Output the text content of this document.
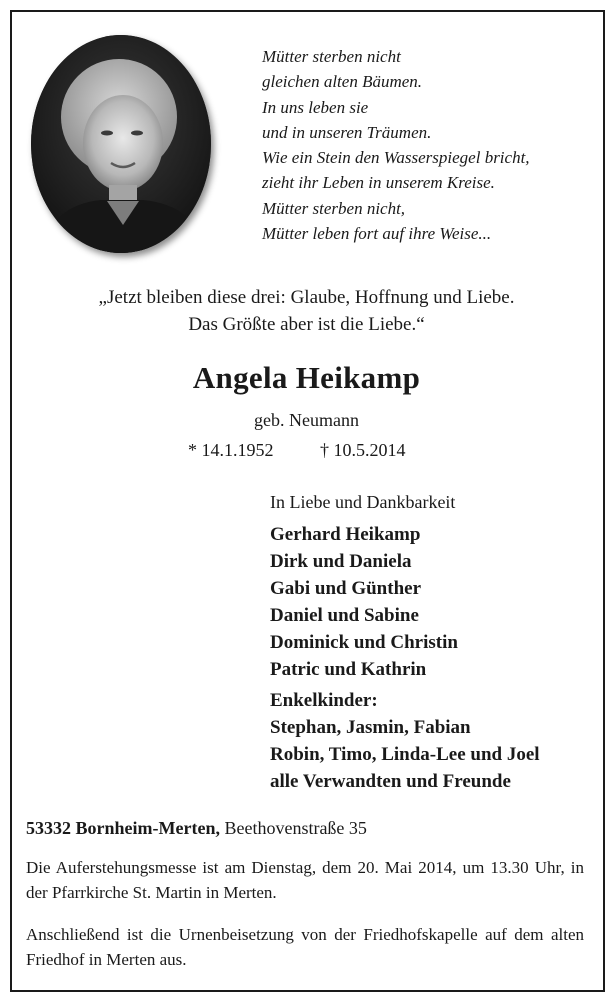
Mütter sterben nicht
gleichen alten Bäumen.
In uns leben sie
und in unseren Träumen.
Wie ein Stein den Wasserspiegel bricht,
zieht ihr Leben in unserem Kreise.
Mütter sterben nicht,
Mütter leben fort auf ihre Weise...
„Jetzt bleiben diese drei: Glaube, Hoffnung und Liebe.
Das Größte aber ist die Liebe.“
Angela Heikamp
geb. Neumann
* 14.1.1952	† 10.5.2014
In Liebe und Dankbarkeit
Gerhard Heikamp
Dirk und Daniela
Gabi und Günther
Daniel und Sabine
Dominick und Christin
Patric und Kathrin
Enkelkinder:
Stephan, Jasmin, Fabian
Robin, Timo, Linda-Lee und Joel
alle Verwandten und Freunde
53332 Bornheim-Merten, Beethovenstraße 35
Die Auferstehungsmesse ist am Dienstag, dem 20. Mai 2014, um 13.30 Uhr, in der Pfarrkirche St. Martin in Merten.
Anschließend ist die Urnenbeisetzung von der Friedhofskapelle auf dem alten Friedhof in Merten aus.
